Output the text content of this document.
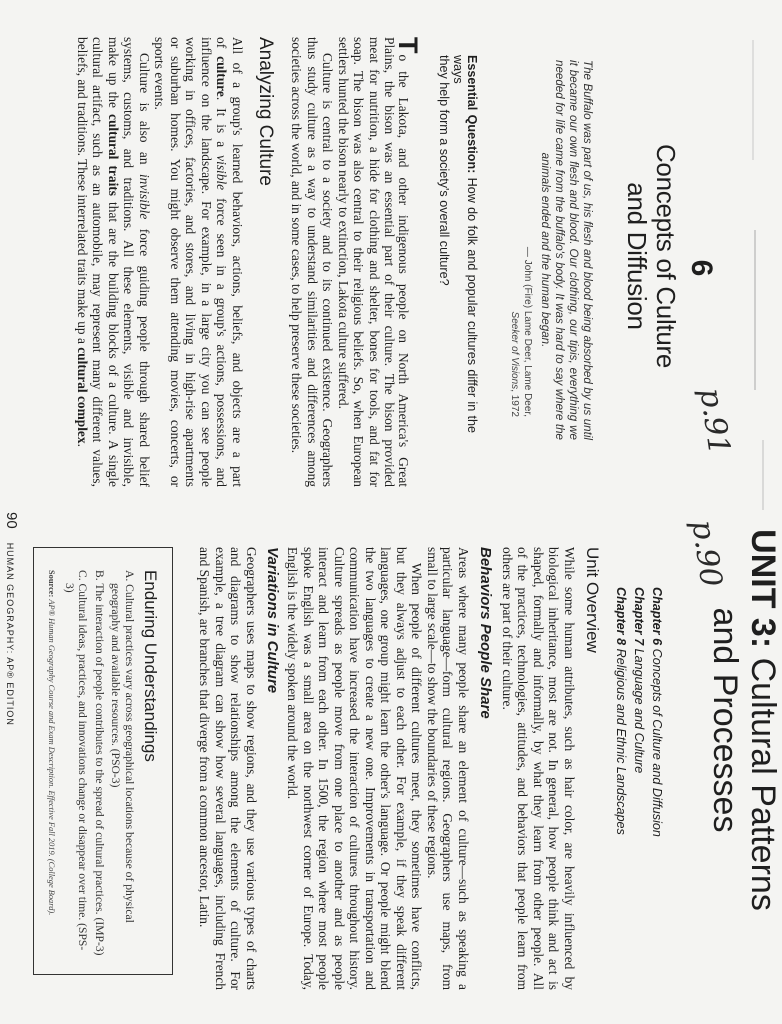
6
Concepts of Culture
and Diffusion
p.91
The Buffalo was part of us, his flesh and blood being absorbed by us until
it became our own flesh and blood. Our clothing, our tipis, everything we
needed for life came from the buffalo's body. It was hard to say where the
animals ended and the human began.
— John (Fire) Lame Deer, Lame Deer,
Seeker of Visions, 1972
Essential Question: How do folk and popular cultures differ in the ways
they help form a society's overall culture?
To the Lakota, and other indigenous people on North America's Great
Plains, the bison was an essential part of their culture. The bison provided
meat for nutrition, a hide for clothing and shelter, bones for tools, and fat for
soap. The bison was also central to their religious beliefs. So, when European
settlers hunted the bison nearly to extinction, Lakota culture suffered.
Culture is central to a society and to its continued existence. Geographers
thus study culture as a way to understand similarities and differences among
societies across the world, and in some cases, to help preserve these societies.
Analyzing Culture
All of a group's learned behaviors, actions, beliefs, and objects are a part
of culture. It is a visible force seen in a group's actions, possessions, and
influence on the landscape. For example, in a large city you can see people
working in offices, factories, and stores, and living in high-rise apartments
or suburban homes. You might observe them attending movies, concerts, or
sports events.
Culture is also an invisible force guiding people through shared belief
systems, customs, and traditions. All these elements, visible and invisible,
make up the cultural traits that are the building blocks of a culture. A single
cultural artifact, such as an automobile, may represent many different values,
beliefs, and traditions. These interrelated traits make up a cultural complex.
UNIT 3: Cultural Patterns
and Processes
p.90
Chapter 6 Concepts of Culture and Diffusion
Chapter 7 Language and Culture
Chapter 8 Religious and Ethnic Landscapes
Unit Overview
While some human attributes, such as hair color, are heavily influenced by
biological inheritance, most are not. In general, how people think and act is
shaped, formally and informally, by what they learn from other people. All
of the practices, technologies, attitudes, and behaviors that people learn from
others are part of their culture.
Behaviors People Share
Areas where many people share an element of culture—such as speaking a
particular language—form cultural regions. Geographers use maps, from
small to large scale—to show the boundaries of these regions.
When people of different cultures meet, they sometimes have conflicts,
but they always adjust to each other. For example, if they speak different
languages, one group might learn the other's language. Or people might blend
the two languages to create a new one. Improvements in transportation and
communication have increased the interaction of cultures throughout history.
Culture spreads as people move from one place to another and as people
interact and learn from each other. In 1500, the region where most people
spoke English was a small area on the northwest corner of Europe. Today,
English is the widely spoken around the world.
Variations in Culture
Geographers uses maps to show regions, and they use various types of charts
and diagrams to show relationships among the elements of culture. For
example, a tree diagram can show how several languages, including French
and Spanish, are branches that diverge from a common ancestor, Latin.
Enduring Understandings
A. Cultural practices vary across geographical locations because of physical geography and available resources. (PSO-3)
B. The interaction of people contributes to the spread of cultural practices. (IMP-3)
C. Cultural ideas, practices, and innovations change or disappear over time. (SPS-3)
Source: AP® Human Geography Course and Exam Description. Effective Fall 2019. (College Board).
90HUMAN GEOGRAPHY: AP® EDITION
